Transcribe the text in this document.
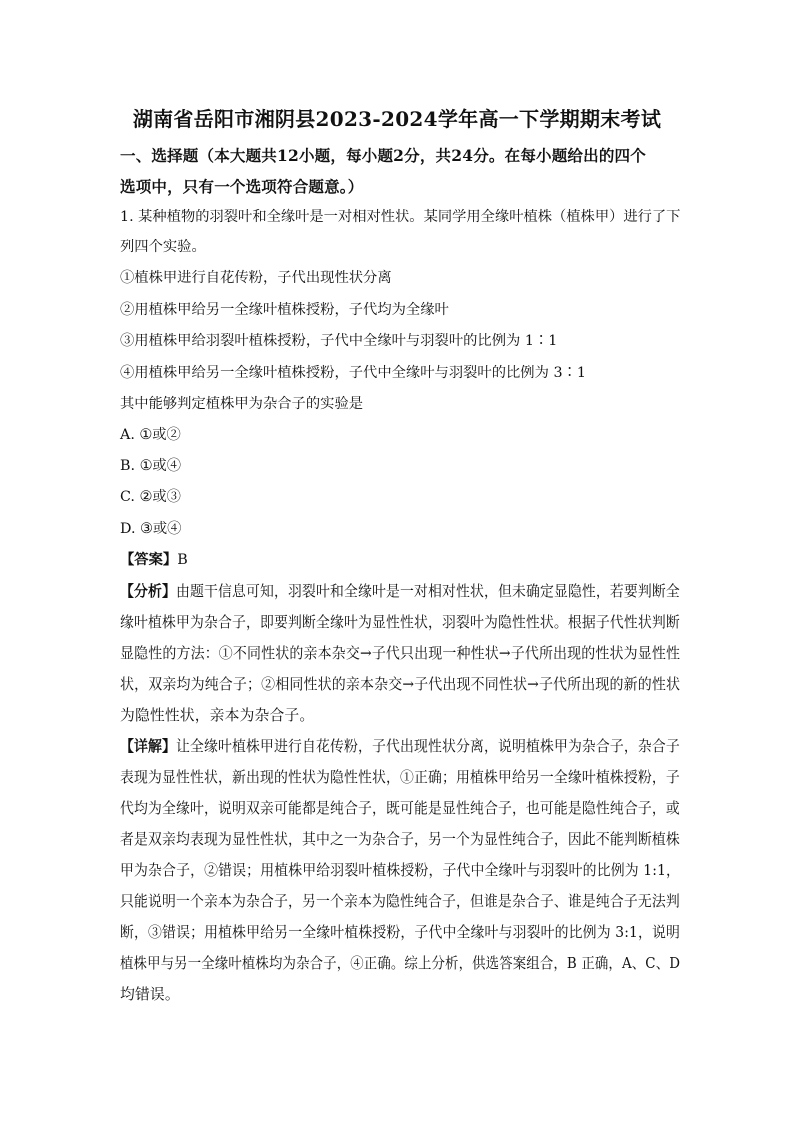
湖南省岳阳市湘阴县2023-2024学年高一下学期期末考试
一、选择题（本大题共12小题，每小题2分，共24分。在每小题给出的四个
选项中，只有一个选项符合题意。）
1. 某种植物的羽裂叶和全缘叶是一对相对性状。某同学用全缘叶植株（植株甲）进行了下
列四个实验。
①植株甲进行自花传粉，子代出现性状分离
②用植株甲给另一全缘叶植株授粉，子代均为全缘叶
③用植株甲给羽裂叶植株授粉，子代中全缘叶与羽裂叶的比例为 1∶1
④用植株甲给另一全缘叶植株授粉，子代中全缘叶与羽裂叶的比例为 3∶1
其中能够判定植株甲为杂合子的实验是
A. ①或②
B. ①或④
C. ②或③
D. ③或④
【答案】B
【分析】由题干信息可知，羽裂叶和全缘叶是一对相对性状，但未确定显隐性，若要判断全
缘叶植株甲为杂合子，即要判断全缘叶为显性性状，羽裂叶为隐性性状。根据子代性状判断
显隐性的方法：①不同性状的亲本杂交→子代只出现一种性状→子代所出现的性状为显性性
状，双亲均为纯合子；②相同性状的亲本杂交→子代出现不同性状→子代所出现的新的性状
为隐性性状，亲本为杂合子。
【详解】让全缘叶植株甲进行自花传粉，子代出现性状分离，说明植株甲为杂合子，杂合子
表现为显性性状，新出现的性状为隐性性状，①正确；用植株甲给另一全缘叶植株授粉，子
代均为全缘叶，说明双亲可能都是纯合子，既可能是显性纯合子，也可能是隐性纯合子，或
者是双亲均表现为显性性状，其中之一为杂合子，另一个为显性纯合子，因此不能判断植株
甲为杂合子，②错误；用植株甲给羽裂叶植株授粉，子代中全缘叶与羽裂叶的比例为 1:1，
只能说明一个亲本为杂合子，另一个亲本为隐性纯合子，但谁是杂合子、谁是纯合子无法判
断，③错误；用植株甲给另一全缘叶植株授粉，子代中全缘叶与羽裂叶的比例为 3:1，说明
植株甲与另一全缘叶植株均为杂合子，④正确。综上分析，供选答案组合，B 正确，A、C、D
均错误。
